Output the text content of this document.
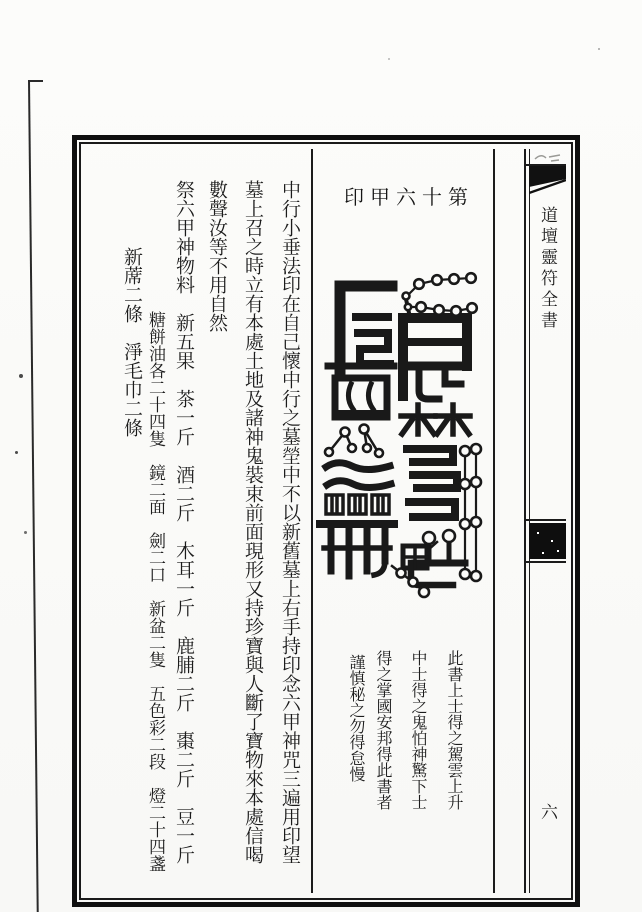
印甲六十第
中行小垂法印在自己懷中行之墓塋中不以新舊墓上右手持印念六甲神咒三遍用印望
墓上召之時立有本處土地及諸神鬼裝束前面現形又持珍寶與人斷了寶物來本處信喝
數聲汝等不用自然
祭六甲神物料　新五果　茶一斤　酒二斤　木耳一斤　鹿脯二斤　棗二斤　豆一斤
糖餅油各二十四隻　鏡二面　劍二口　新盆二隻　五色彩二段　燈二十四盞
新蓆二條　淨毛巾二條
此書上士得之駕雲上升
中士得之鬼怕神驚下士
得之掌國安邦得此書者
謹慎秘之勿得怠慢
道壇靈符全書
六
